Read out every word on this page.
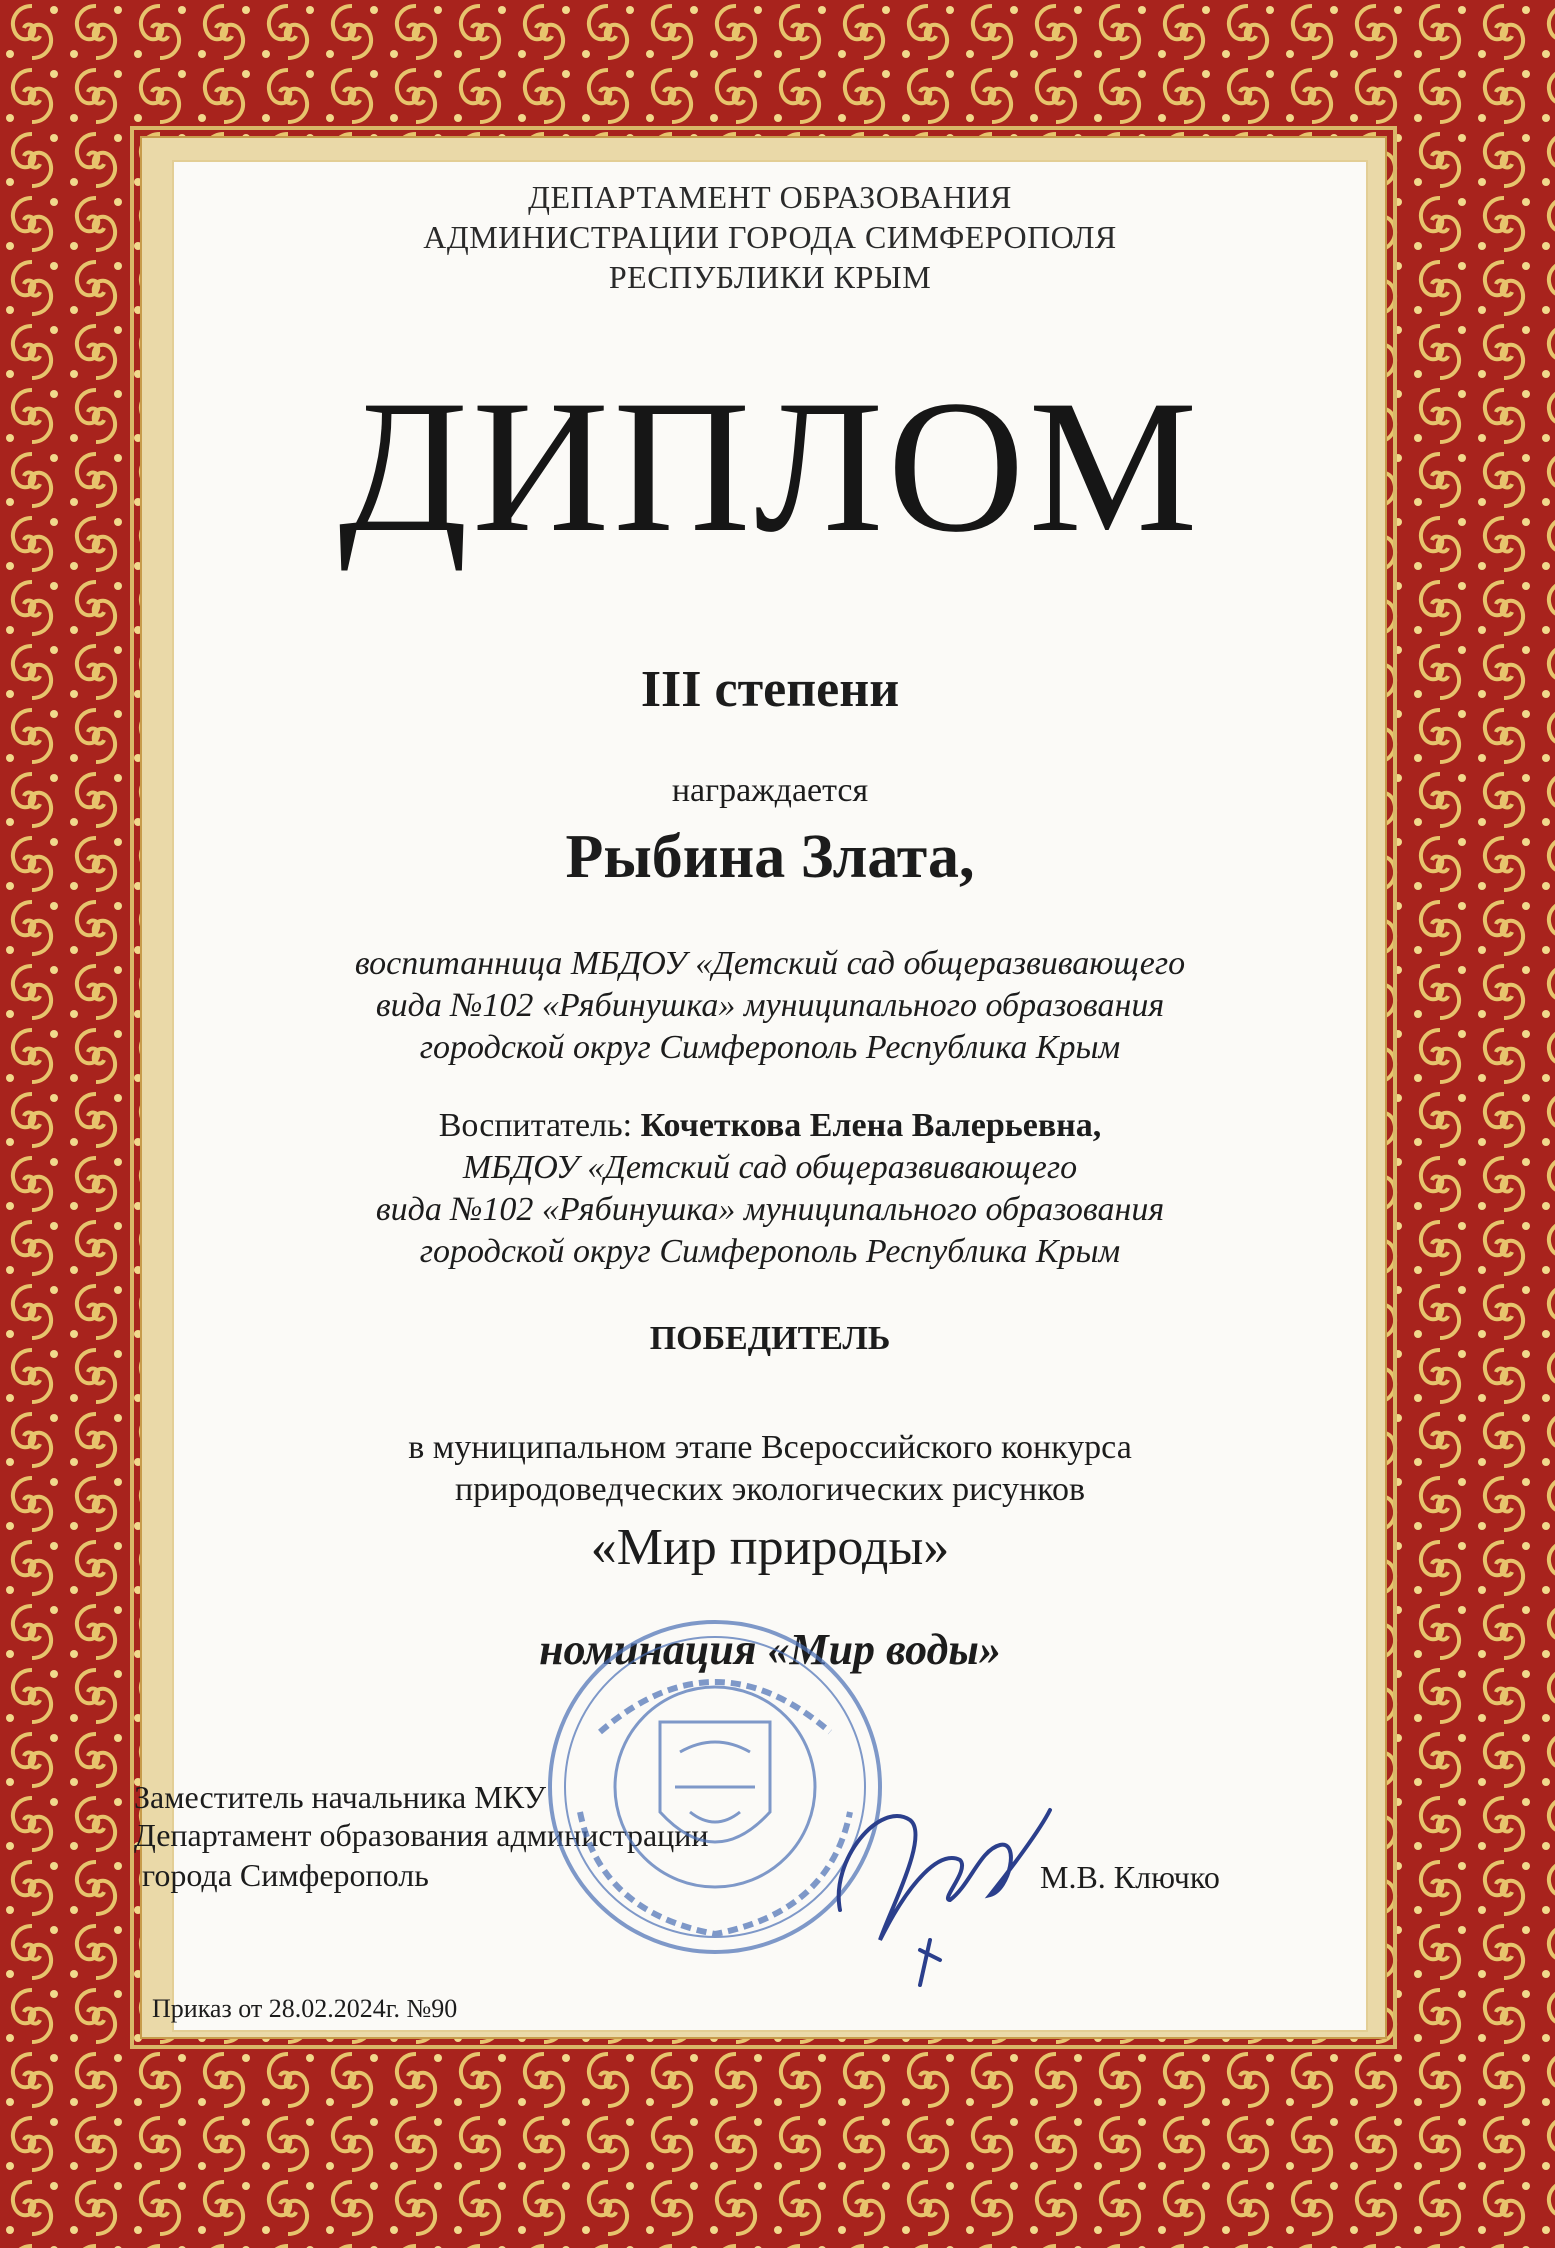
ДЕПАРТАМЕНТ ОБРАЗОВАНИЯ
АДМИНИСТРАЦИИ ГОРОДА СИМФЕРОПОЛЯ
РЕСПУБЛИКИ КРЫМ
ДИПЛОМ
III степени
награждается
Рыбина Злата,
воспитанница МБДОУ «Детский сад общеразвивающего
вида №102 «Рябинушка» муниципального образования
городской округ Симферополь Республика Крым
Воспитатель: Кочеткова Елена Валерьевна,
МБДОУ «Детский сад общеразвивающего
вида №102 «Рябинушка» муниципального образования
городской округ Симферополь Республика Крым
ПОБЕДИТЕЛЬ
в муниципальном этапе Всероссийского конкурса
природоведческих экологических рисунков
«Мир природы»
номинация «Мир воды»
Заместитель начальника МКУ
Департамент образования администрации
города Симферополь	М.В. Ключко
Приказ от 28.02.2024г. №90
